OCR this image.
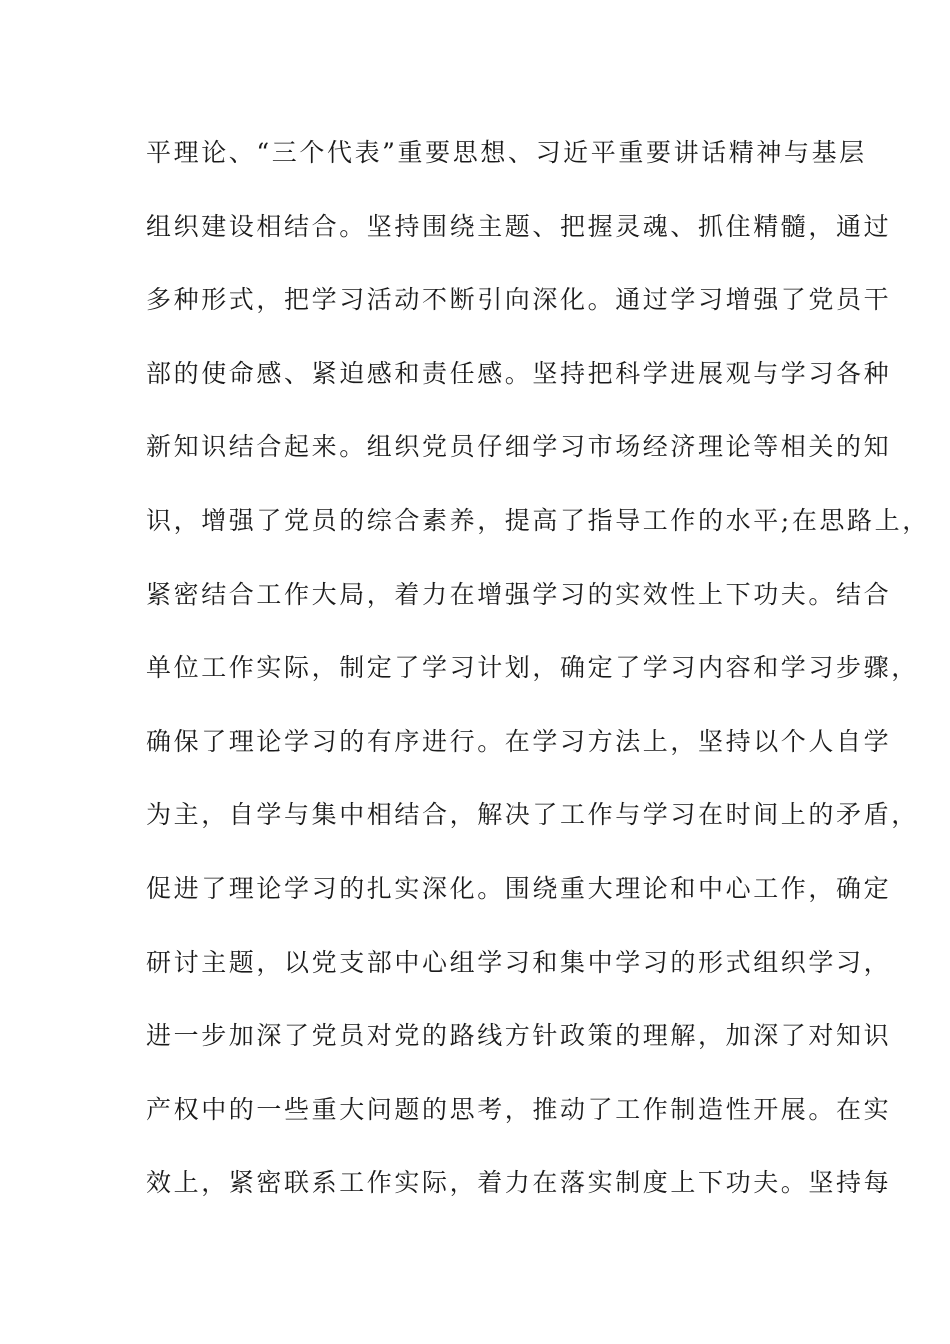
平理论、“三个代表”重要思想、习近平重要讲话精神与基层
组织建设相结合。坚持围绕主题、把握灵魂、抓住精髓，通过
多种形式，把学习活动不断引向深化。通过学习增强了党员干
部的使命感、紧迫感和责任感。坚持把科学进展观与学习各种
新知识结合起来。组织党员仔细学习市场经济理论等相关的知
识，增强了党员的综合素养，提高了指导工作的水平;在思路上，
紧密结合工作大局，着力在增强学习的实效性上下功夫。结合
单位工作实际，制定了学习计划，确定了学习内容和学习步骤，
确保了理论学习的有序进行。在学习方法上，坚持以个人自学
为主，自学与集中相结合，解决了工作与学习在时间上的矛盾，
促进了理论学习的扎实深化。围绕重大理论和中心工作，确定
研讨主题，以党支部中心组学习和集中学习的形式组织学习，
进一步加深了党员对党的路线方针政策的理解，加深了对知识
产权中的一些重大问题的思考，推动了工作制造性开展。在实
效上，紧密联系工作实际，着力在落实制度上下功夫。坚持每
